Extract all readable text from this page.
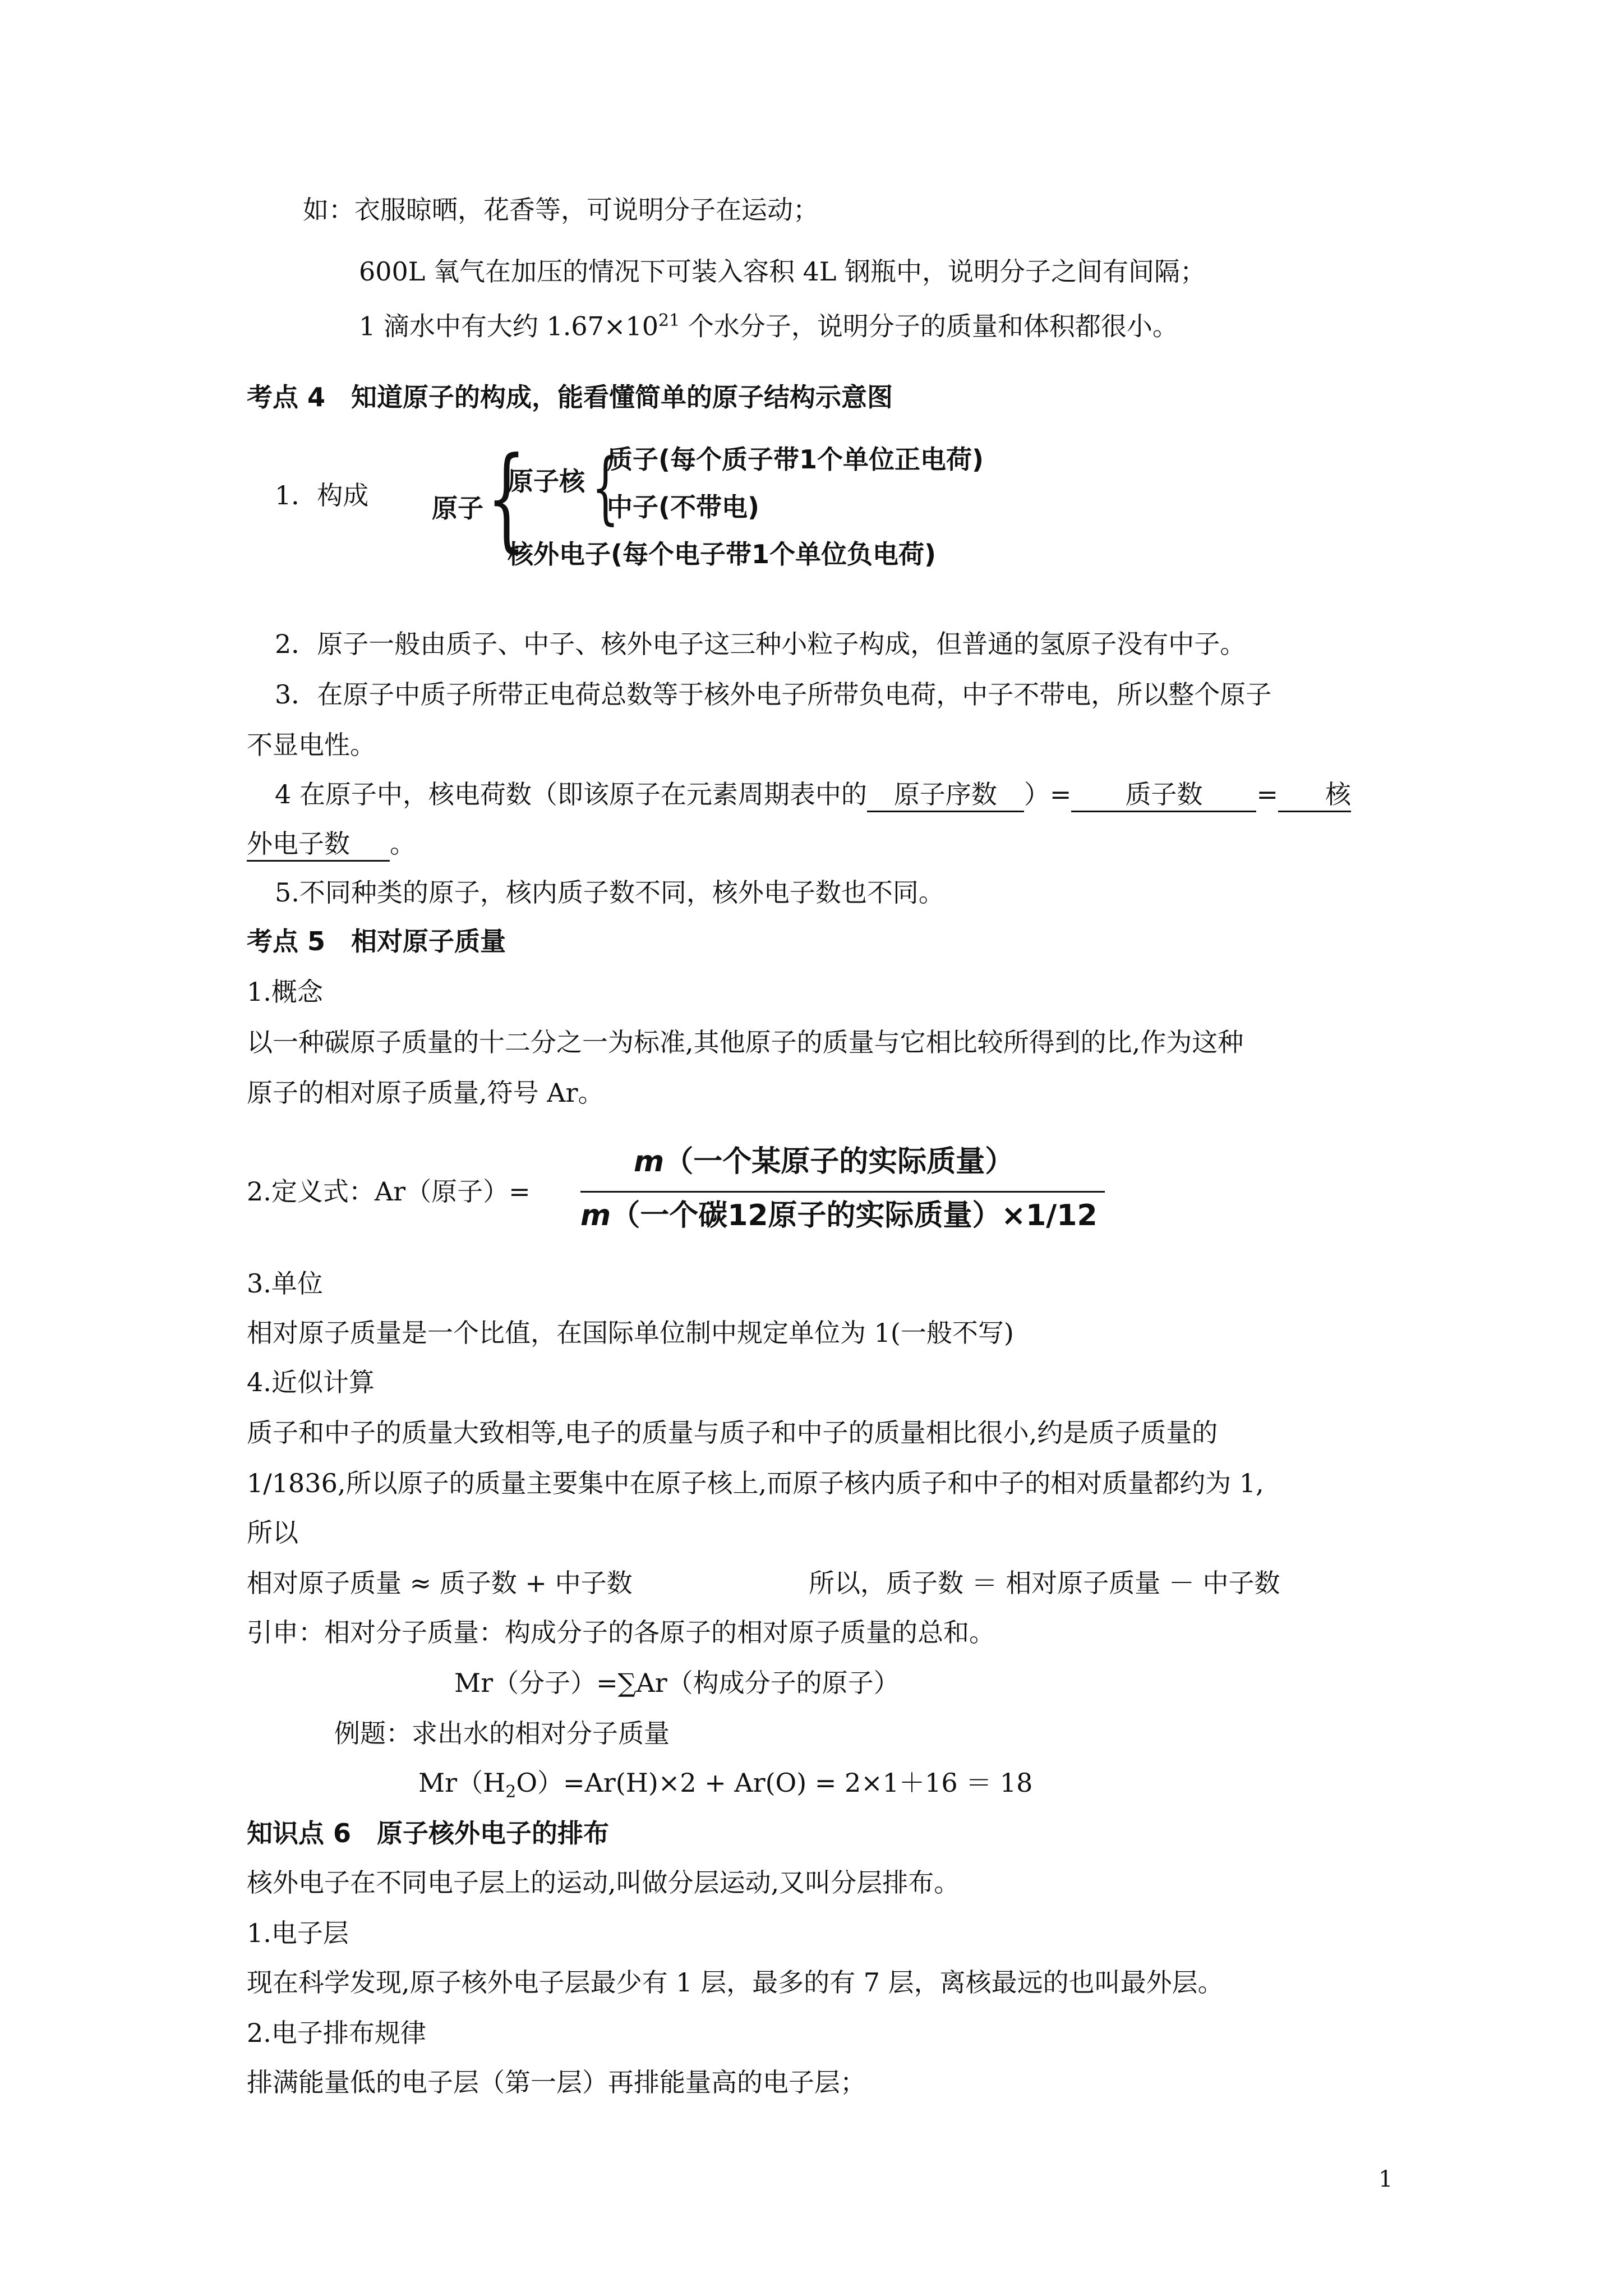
如：衣服晾晒，花香等，可说明分子在运动；
600L 氧气在加压的情况下可装入容积 4L 钢瓶中，说明分子之间有间隔；
1 滴水中有大约 $1.67\times 10^{21}$ 个水分子，说明分子的质量和体积都很小。
考点 4　知道原子的构成，能看懂简单的原子结构示意图
1．构成 原子 {
原子核 {
质子(每个质子带1个单位正电荷)
中子(不带电)
核外电子(每个电子带1个单位负电荷)
2．原子一般由质子、中子、核外电子这三种小粒子构成，但普通的氢原子没有中子。
3．在原子中质子所带正电荷总数等于核外电子所带负电荷，中子不带电，所以整个原子
不显电性。
4 在原子中，核电荷数（即该原子在元素周期表中的 原子序数 ）= 质子数 = 核
外电子数 。
5.不同种类的原子，核内质子数不同，核外电子数也不同。
考点 5　相对原子质量
1.概念
以一种碳原子质量的十二分之一为标准,其他原子的质量与它相比较所得到的比,作为这种
原子的相对原子质量,符号 Ar。
2.定义式：Ar（原子）=
m（一个某原子的实际质量）
m（一个碳12原子的实际质量）×1/12
3.单位
相对原子质量是一个比值，在国际单位制中规定单位为 1(一般不写)
4.近似计算
质子和中子的质量大致相等,电子的质量与质子和中子的质量相比很小,约是质子质量的
1/1836,所以原子的质量主要集中在原子核上,而原子核内质子和中子的相对质量都约为 1,
所以
相对原子质量 ≈ 质子数 + 中子数	所以，质子数 ＝ 相对原子质量 － 中子数
引申：相对分子质量：构成分子的各原子的相对原子质量的总和。
Mr（分子）=∑Ar（构成分子的原子）
例题：求出水的相对分子质量
$Mr(H_2O)=Ar(H)\times 2 + Ar(O) = 2\times 1+16 = 18$
知识点 6　原子核外电子的排布
核外电子在不同电子层上的运动,叫做分层运动,又叫分层排布。
1.电子层
现在科学发现,原子核外电子层最少有 1 层，最多的有 7 层，离核最远的也叫最外层。
2.电子排布规律
排满能量低的电子层（第一层）再排能量高的电子层；
1
